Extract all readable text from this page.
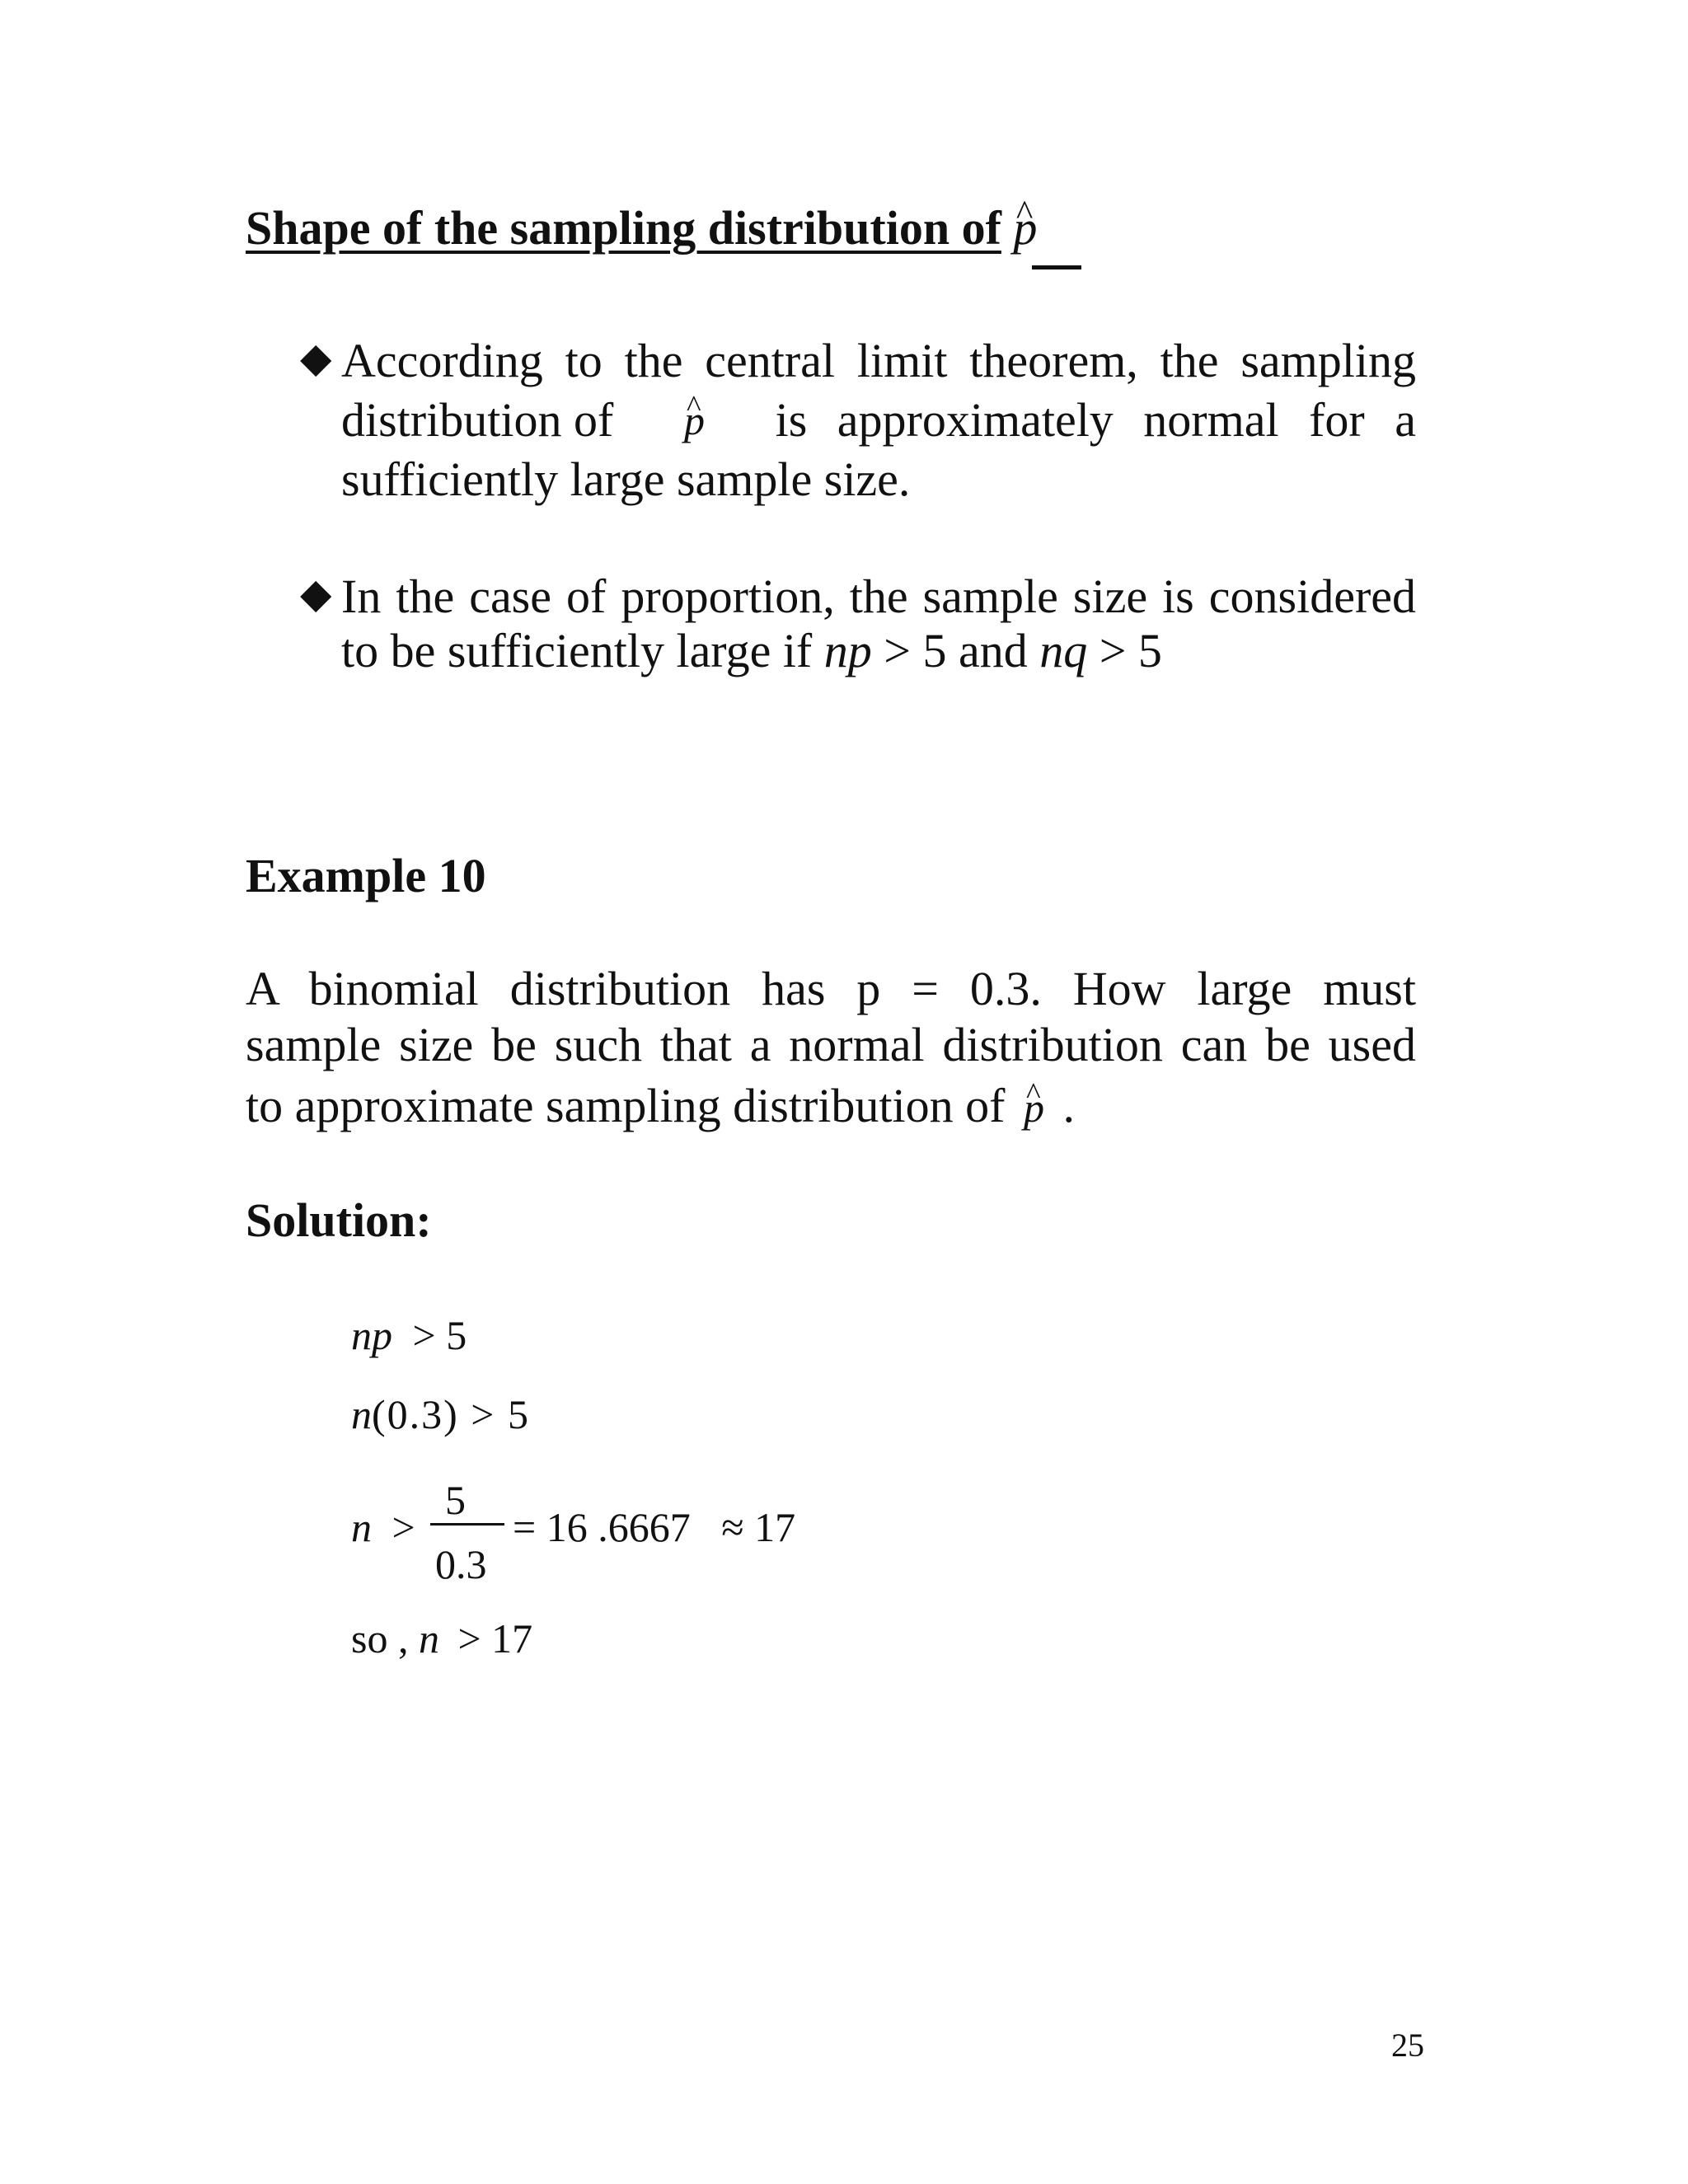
Shape of the sampling distribution of ^ p
◆ According to the central limit theorem, the sampling
distribution of ^ p is approximately normal for a
sufficiently large sample size.
◆ In the case of proportion, the sample size is considered
to be sufficiently large if np > 5 and nq > 5
Example 10
A binomial distribution has p = 0.3. How large must
sample size be such that a normal distribution can be used
to approximate sampling distribution of ^ p .
Solution:
np > 5
n(0.3) > 5
n >
5
0.3
= 16 .6667   ≈ 17
so , n > 17
25
